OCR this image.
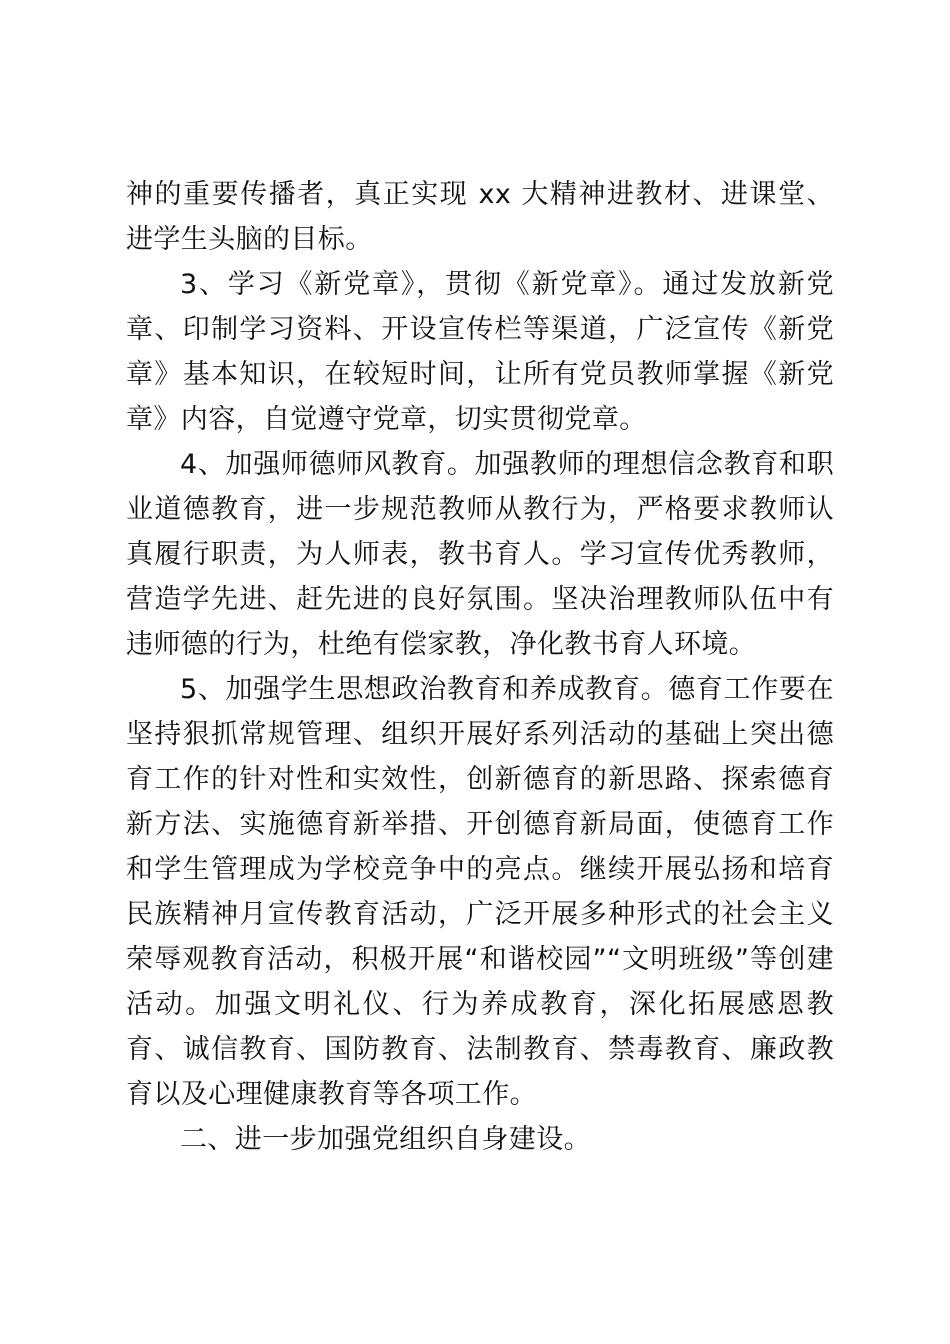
神的重要传播者，真正实现 xx 大精神进教材、进课堂、进学生头脑的目标。

3、学习《新党章》，贯彻《新党章》。通过发放新党章、印制学习资料、开设宣传栏等渠道，广泛宣传《新党章》基本知识，在较短时间，让所有党员教师掌握《新党章》内容，自觉遵守党章，切实贯彻党章。

4、加强师德师风教育。加强教师的理想信念教育和职业道德教育，进一步规范教师从教行为，严格要求教师认真履行职责，为人师表，教书育人。学习宣传优秀教师，营造学先进、赶先进的良好氛围。坚决治理教师队伍中有违师德的行为，杜绝有偿家教，净化教书育人环境。

5、加强学生思想政治教育和养成教育。德育工作要在坚持狠抓常规管理、组织开展好系列活动的基础上突出德育工作的针对性和实效性，创新德育的新思路、探索德育新方法、实施德育新举措、开创德育新局面，使德育工作和学生管理成为学校竞争中的亮点。继续开展弘扬和培育民族精神月宣传教育活动，广泛开展多种形式的社会主义荣辱观教育活动，积极开展“和谐校园”“文明班级”等创建活动。加强文明礼仪、行为养成教育，深化拓展感恩教育、诚信教育、国防教育、法制教育、禁毒教育、廉政教育以及心理健康教育等各项工作。

二、进一步加强党组织自身建设。
